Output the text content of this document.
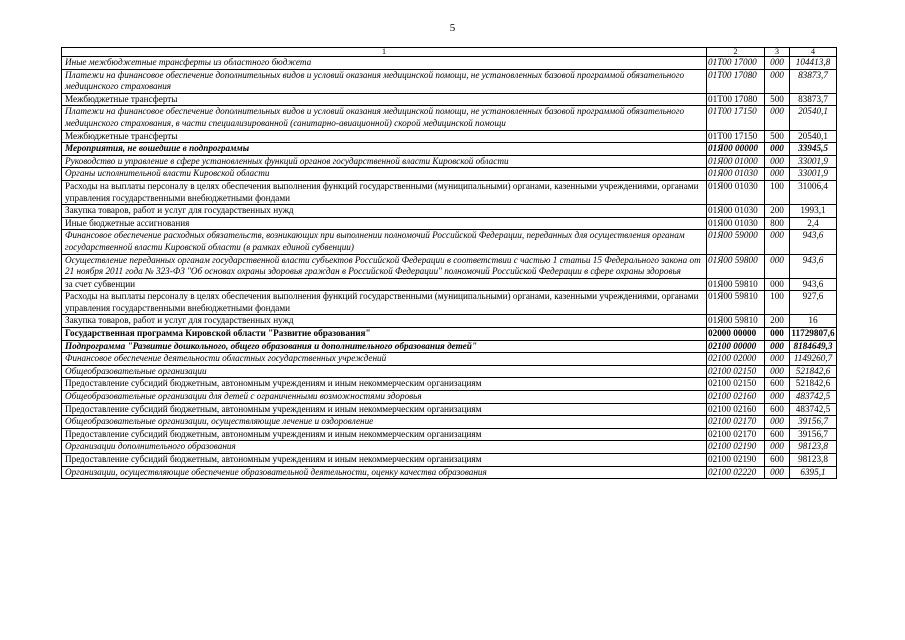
5
1	2	3	4
Иные межбюджетные трансферты из областного бюджета	01Т00 17000	000	104413,8
Платежи на финансовое обеспечение дополнительных видов и условий оказания медицинской помощи, не установленных базовой программой обязательного медицинского страхования	01Т00 17080	000	83873,7
Межбюджетные трансферты	01Т00 17080	500	83873,7
Платежи на финансовое обеспечение дополнительных видов и условий оказания медицинской помощи, не установленных базовой программой обязательного медицинского страхования, в части специализированной (санитарно-авиационной) скорой медицинской помощи	01Т00 17150	000	20540,1
Межбюджетные трансферты	01Т00 17150	500	20540,1
Мероприятия, не вошедшие в подпрограммы	01Я00 00000	000	33945,5
Руководство и управление в сфере установленных функций органов государственной власти Кировской области	01Я00 01000	000	33001,9
Органы исполнительной власти Кировской области	01Я00 01030	000	33001,9
Расходы на выплаты персоналу в целях обеспечения выполнения функций государственными (муниципальными) органами, казенными учреждениями, органами управления государственными внебюджетными фондами	01Я00 01030	100	31006,4
Закупка товаров, работ и услуг для государственных нужд	01Я00 01030	200	1993,1
Иные бюджетные ассигнования	01Я00 01030	800	2,4
Финансовое обеспечение расходных обязательств, возникающих при выполнении полномочий Российской Федерации, переданных для осуществления органам государственной власти Кировской области (в рамках единой субвенции)	01Я00 59000	000	943,6
Осуществление переданных органам государственной власти субъектов Российской Федерации в соответствии с частью 1 статьи 15 Федерального закона от 21 ноября 2011 года № 323-ФЗ "Об основах охраны здоровья граждан в Российской Федерации" полномочий Российской Федерации в сфере охраны здоровья	01Я00 59800	000	943,6
за счет субвенции	01Я00 59810	000	943,6
Расходы на выплаты персоналу в целях обеспечения выполнения функций государственными (муниципальными) органами, казенными учреждениями, органами управления государственными внебюджетными фондами	01Я00 59810	100	927,6
Закупка товаров, работ и услуг для государственных нужд	01Я00 59810	200	16
Государственная программа Кировской области "Развитие образования"	02000 00000	000	11729807,6
Подпрограмма "Развитие дошкольного, общего образования и дополнительного образования детей"	02100 00000	000	8184649,3
Финансовое обеспечение деятельности областных государственных учреждений	02100 02000	000	1149260,7
Общеобразовательные организации	02100 02150	000	521842,6
Предоставление субсидий бюджетным, автономным учреждениям и иным некоммерческим организациям	02100 02150	600	521842,6
Общеобразовательные организации для детей с ограниченными возможностями здоровья	02100 02160	000	483742,5
Предоставление субсидий бюджетным, автономным учреждениям и иным некоммерческим организациям	02100 02160	600	483742,5
Общеобразовательные организации, осуществляющие лечение и оздоровление	02100 02170	000	39156,7
Предоставление субсидий бюджетным, автономным учреждениям и иным некоммерческим организациям	02100 02170	600	39156,7
Организации дополнительного образования	02100 02190	000	98123,8
Предоставление субсидий бюджетным, автономным учреждениям и иным некоммерческим организациям	02100 02190	600	98123,8
Организации, осуществляющие обеспечение образовательной деятельности, оценку качества образования	02100 02220	000	6395,1
